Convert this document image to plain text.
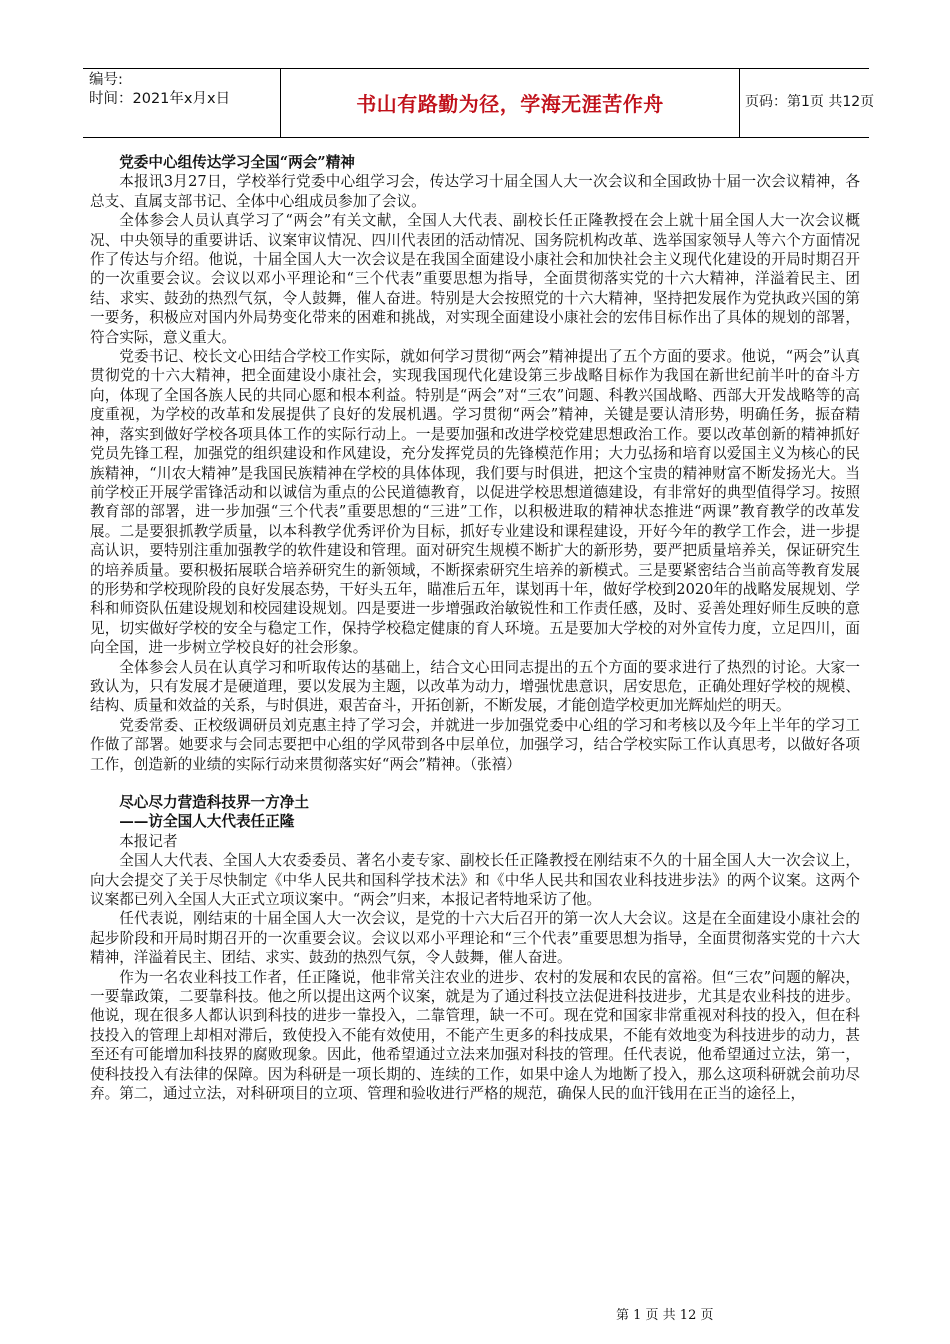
编号:
时间：2021年x月x日	书山有路勤为径，学海无涯苦作舟	页码：第1页 共12页
党委中心组传达学习全国“两会”精神

本报讯3月27日，学校举行党委中心组学习会，传达学习十届全国人大一次会议和全国政协十届一次会议精神，各总支、直属支部书记、全体中心组成员参加了会议。

全体参会人员认真学习了“两会”有关文献，全国人大代表、副校长任正隆教授在会上就十届全国人大一次会议概况、中央领导的重要讲话、议案审议情况、四川代表团的活动情况、国务院机构改革、选举国家领导人等六个方面情况作了传达与介绍。他说，十届全国人大一次会议是在我国全面建设小康社会和加快社会主义现代化建设的开局时期召开的一次重要会议。会议以邓小平理论和“三个代表”重要思想为指导，全面贯彻落实党的十六大精神，洋溢着民主、团结、求实、鼓劲的热烈气氛，令人鼓舞，催人奋进。特别是大会按照党的十六大精神，坚持把发展作为党执政兴国的第一要务，积极应对国内外局势变化带来的困难和挑战，对实现全面建设小康社会的宏伟目标作出了具体的规划的部署，符合实际，意义重大。

党委书记、校长文心田结合学校工作实际，就如何学习贯彻“两会”精神提出了五个方面的要求。他说，“两会”认真贯彻党的十六大精神，把全面建设小康社会，实现我国现代化建设第三步战略目标作为我国在新世纪前半叶的奋斗方向，体现了全国各族人民的共同心愿和根本利益。特别是“两会”对“三农”问题、科教兴国战略、西部大开发战略等的高度重视，为学校的改革和发展提供了良好的发展机遇。学习贯彻“两会”精神，关键是要认清形势，明确任务，振奋精神，落实到做好学校各项具体工作的实际行动上。一是要加强和改进学校党建思想政治工作。要以改革创新的精神抓好党员先锋工程，加强党的组织建设和作风建设，充分发挥党员的先锋模范作用；大力弘扬和培育以爱国主义为核心的民族精神，“川农大精神”是我国民族精神在学校的具体体现，我们要与时俱进，把这个宝贵的精神财富不断发扬光大。当前学校正开展学雷锋活动和以诚信为重点的公民道德教育，以促进学校思想道德建设，有非常好的典型值得学习。按照教育部的部署，进一步加强“三个代表”重要思想的“三进”工作，以积极进取的精神状态推进“两课”教育教学的改革发展。二是要狠抓教学质量，以本科教学优秀评价为目标，抓好专业建设和课程建设，开好今年的教学工作会，进一步提高认识，要特别注重加强教学的软件建设和管理。面对研究生规模不断扩大的新形势，要严把质量培养关，保证研究生的培养质量。要积极拓展联合培养研究生的新领域，不断探索研究生培养的新模式。三是要紧密结合当前高等教育发展的形势和学校现阶段的良好发展态势，干好头五年，瞄准后五年，谋划再十年，做好学校到2020年的战略发展规划、学科和师资队伍建设规划和校园建设规划。四是要进一步增强政治敏锐性和工作责任感，及时、妥善处理好师生反映的意见，切实做好学校的安全与稳定工作，保持学校稳定健康的育人环境。五是要加大学校的对外宣传力度，立足四川，面向全国，进一步树立学校良好的社会形象。

全体参会人员在认真学习和听取传达的基础上，结合文心田同志提出的五个方面的要求进行了热烈的讨论。大家一致认为，只有发展才是硬道理，要以发展为主题，以改革为动力，增强忧患意识，居安思危，正确处理好学校的规模、结构、质量和效益的关系，与时俱进，艰苦奋斗，开拓创新，不断发展，才能创造学校更加光辉灿烂的明天。

党委常委、正校级调研员刘克惠主持了学习会，并就进一步加强党委中心组的学习和考核以及今年上半年的学习工作做了部署。她要求与会同志要把中心组的学风带到各中层单位，加强学习，结合学校实际工作认真思考，以做好各项工作，创造新的业绩的实际行动来贯彻落实好“两会”精神。（张禧）

尽心尽力营造科技界一方净土
——访全国人大代表任正隆

本报记者

全国人大代表、全国人大农委委员、著名小麦专家、副校长任正隆教授在刚结束不久的十届全国人大一次会议上，向大会提交了关于尽快制定《中华人民共和国科学技术法》和《中华人民共和国农业科技进步法》的两个议案。这两个议案都已列入全国人大正式立项议案中。“两会”归来，本报记者特地采访了他。

任代表说，刚结束的十届全国人大一次会议，是党的十六大后召开的第一次人大会议。这是在全面建设小康社会的起步阶段和开局时期召开的一次重要会议。会议以邓小平理论和“三个代表”重要思想为指导，全面贯彻落实党的十六大精神，洋溢着民主、团结、求实、鼓劲的热烈气氛，令人鼓舞，催人奋进。

作为一名农业科技工作者，任正隆说，他非常关注农业的进步、农村的发展和农民的富裕。但“三农”问题的解决，一要靠政策，二要靠科技。他之所以提出这两个议案，就是为了通过科技立法促进科技进步，尤其是农业科技的进步。他说，现在很多人都认识到科技的进步一靠投入，二靠管理，缺一不可。现在党和国家非常重视对科技的投入，但在科技投入的管理上却相对滞后，致使投入不能有效使用，不能产生更多的科技成果，不能有效地变为科技进步的动力，甚至还有可能增加科技界的腐败现象。因此，他希望通过立法来加强对科技的管理。任代表说，他希望通过立法，第一，使科技投入有法律的保障。因为科研是一项长期的、连续的工作，如果中途人为地断了投入，那么这项科研就会前功尽弃。第二，通过立法，对科研项目的立项、管理和验收进行严格的规范，确保人民的血汗钱用在正当的途径上，

第 1 页 共 12 页
